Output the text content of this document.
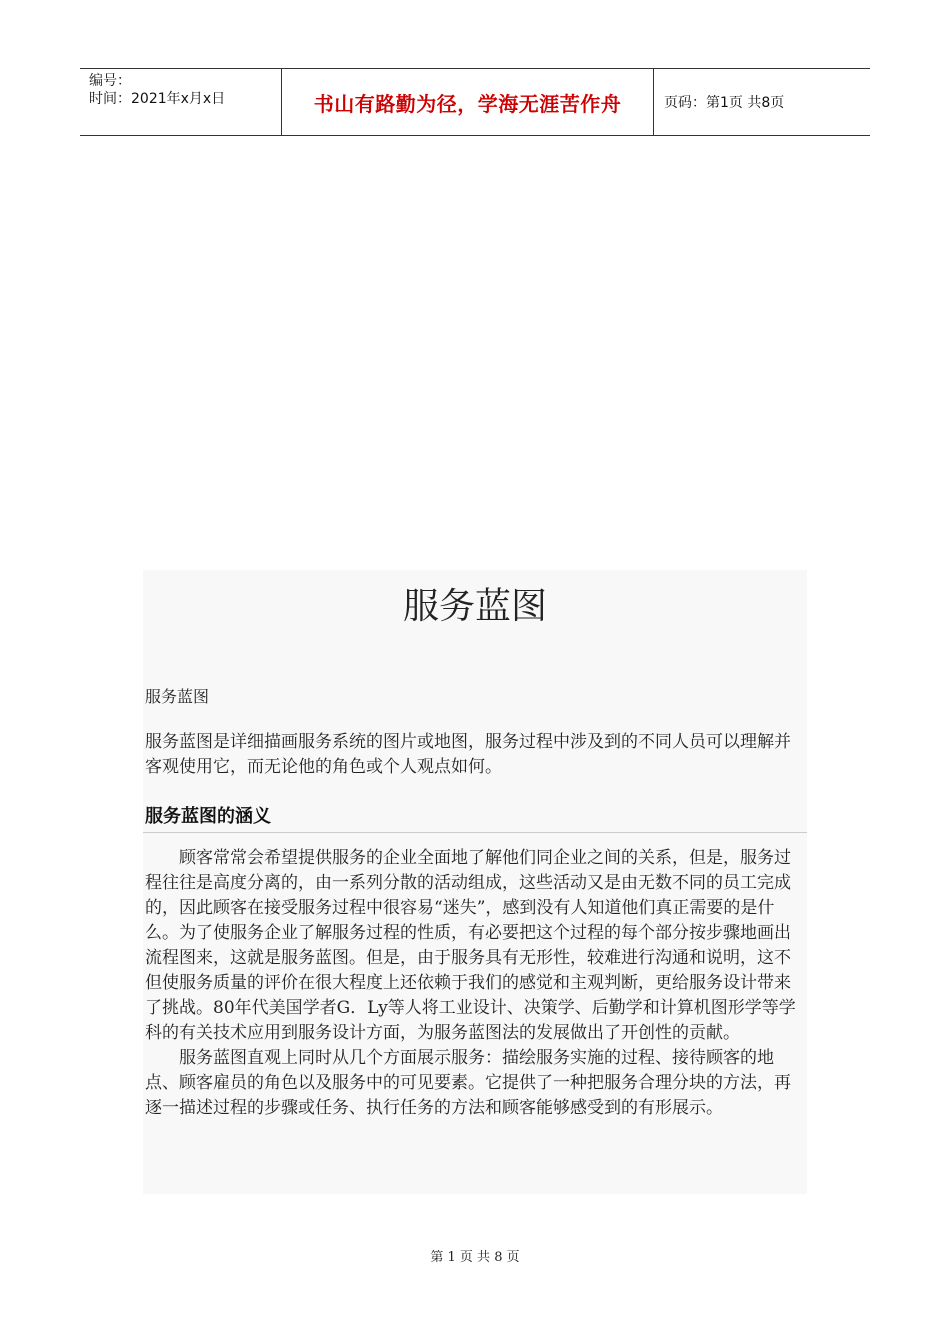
编号：
时间：2021年x月x日	书山有路勤为径，学海无涯苦作舟	页码：第1页 共8页
服务蓝图
服务蓝图
服务蓝图是详细描画服务系统的图片或地图，服务过程中涉及到的不同人员可以理解并客观使用它，而无论他的角色或个人观点如何。
服务蓝图的涵义

顾客常常会希望提供服务的企业全面地了解他们同企业之间的关系，但是，服务过程往往是高度分离的，由一系列分散的活动组成，这些活动又是由无数不同的员工完成的，因此顾客在接受服务过程中很容易“迷失”，感到没有人知道他们真正需要的是什么。为了使服务企业了解服务过程的性质，有必要把这个过程的每个部分按步骤地画出流程图来，这就是服务蓝图。但是，由于服务具有无形性，较难进行沟通和说明，这不但使服务质量的评价在很大程度上还依赖于我们的感觉和主观判断，更给服务设计带来了挑战。80年代美国学者G．Ly等人将工业设计、决策学、后勤学和计算机图形学等学科的有关技术应用到服务设计方面，为服务蓝图法的发展做出了开创性的贡献。

服务蓝图直观上同时从几个方面展示服务：描绘服务实施的过程、接待顾客的地点、顾客雇员的角色以及服务中的可见要素。它提供了一种把服务合理分块的方法，再逐一描述过程的步骤或任务、执行任务的方法和顾客能够感受到的有形展示。

第 1 页 共 8 页
